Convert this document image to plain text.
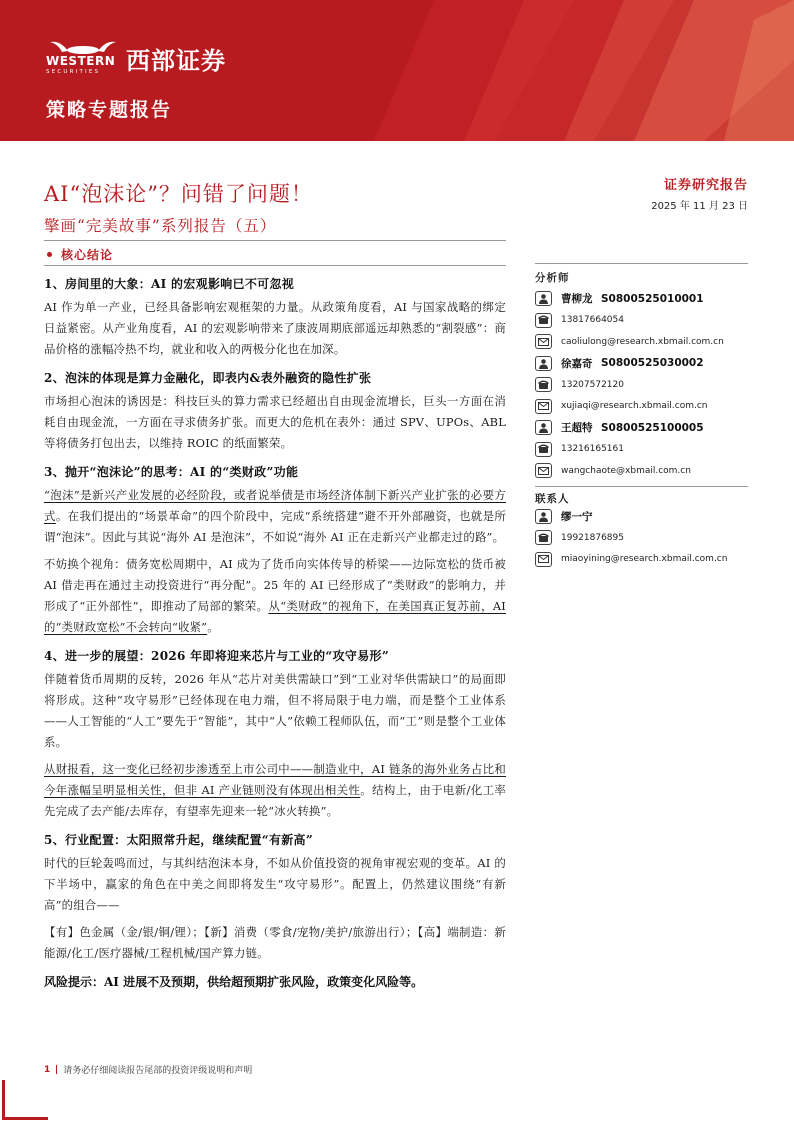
WESTERN
SECURITIES 西部证券
策略专题报告
AI“泡沫论”？问错了问题！
擎画“完美故事”系列报告（五）
证券研究报告
2025 年 11 月 23 日
核心结论
1、房间里的大象：AI 的宏观影响已不可忽视

AI 作为单一产业，已经具备影响宏观框架的力量。从政策角度看，AI 与国家战略的绑定日益紧密。从产业角度看，AI 的宏观影响带来了康波周期底部遥远却熟悉的“割裂感”：商品价格的涨幅冷热不均，就业和收入的两极分化也在加深。

2、泡沫的体现是算力金融化，即表内&表外融资的隐性扩张

市场担心泡沫的诱因是：科技巨头的算力需求已经超出自由现金流增长，巨头一方面在消耗自由现金流，一方面在寻求债务扩张。而更大的危机在表外：通过 SPV、UPOs、ABL 等将债务打包出去，以维持 ROIC 的纸面繁荣。

3、抛开“泡沫论”的思考：AI 的“类财政”功能

“泡沫”是新兴产业发展的必经阶段，或者说举债是市场经济体制下新兴产业扩张的必要方式。在我们提出的“场景革命”的四个阶段中，完成“系统搭建”避不开外部融资，也就是所谓“泡沫”。因此与其说“海外 AI 是泡沫”，不如说“海外 AI 正在走新兴产业都走过的路”。

不妨换个视角：债务宽松周期中，AI 成为了货币向实体传导的桥梁——边际宽松的货币被 AI 借走再在通过主动投资进行“再分配”。25 年的 AI 已经形成了“类财政”的影响力，并形成了“正外部性”，即推动了局部的繁荣。从“类财政”的视角下，在美国真正复苏前，AI 的“类财政宽松”不会转向“收紧”。

4、进一步的展望：2026 年即将迎来芯片与工业的“攻守易形”

伴随着货币周期的反转，2026 年从“芯片对美供需缺口”到“工业对华供需缺口”的局面即将形成。这种“攻守易形”已经体现在电力端，但不将局限于电力端，而是整个工业体系——人工智能的“人工”要先于“智能”，其中“人”依赖工程师队伍，而“工”则是整个工业体系。

从财报看，这一变化已经初步渗透至上市公司中——制造业中，AI 链条的海外业务占比和今年涨幅呈明显相关性，但非 AI 产业链则没有体现出相关性。结构上，由于电新/化工率先完成了去产能/去库存，有望率先迎来一轮“冰火转换”。

5、行业配置：太阳照常升起，继续配置“有新高”

时代的巨轮轰鸣而过，与其纠结泡沫本身，不如从价值投资的视角审视宏观的变革。AI 的下半场中，赢家的角色在中美之间即将发生“攻守易形”。配置上，仍然建议围绕“有新高”的组合——

【有】色金属（金/银/铜/锂）；【新】消费（零食/宠物/美护/旅游出行）；【高】端制造：新能源/化工/医疗器械/工程机械/国产算力链。

风险提示：AI 进展不及预期，供给超预期扩张风险，政策变化风险等。
分析师
曹柳龙 S0800525010001
13817664054
caoliulong@research.xbmail.com.cn
徐嘉奇 S0800525030002
13207572120
xujiaqi@research.xbmail.com.cn
王超特 S0800525100005
13216165161
wangchaote@xbmail.com.cn
联系人
缪一宁
19921876895
miaoyining@research.xbmail.com.cn
1 请务必仔细阅读报告尾部的投资评级说明和声明
